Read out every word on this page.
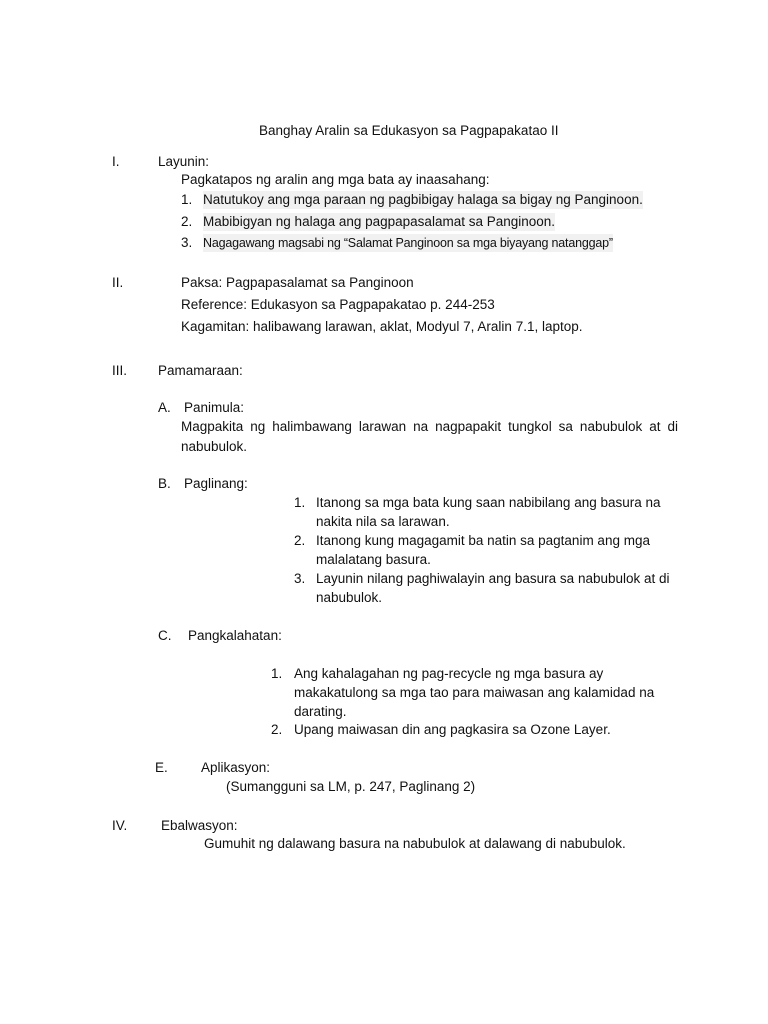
Banghay Aralin sa Edukasyon sa Pagpapakatao II
I.	Layunin:
Pagkatapos ng aralin ang mga bata ay inaasahang:
1. Natutukoy ang mga paraan ng pagbibigay halaga sa bigay ng Panginoon.
2. Mabibigyan ng halaga ang pagpapasalamat sa Panginoon.
3. Nagagawang magsabi ng “Salamat Panginoon sa mga biyayang natanggap”
II.	Paksa: Pagpapasalamat sa Panginoon
Reference: Edukasyon sa Pagpapakatao p. 244-253
Kagamitan: halibawang larawan, aklat, Modyul 7, Aralin 7.1, laptop.
III. Pamamaraan:
A. Panimula:
Magpakita ng halimbawang larawan na nagpapakit tungkol sa nabubulok at di
nabubulok.
B. Paglinang:
1. Itanong sa mga bata kung saan nabibilang ang basura na
nakita nila sa larawan.
2. Itanong kung magagamit ba natin sa pagtanim ang mga
malalatang basura.
3. Layunin nilang paghiwalayin ang basura sa nabubulok at di
nabubulok.
C. Pangkalahatan:
1. Ang kahalagahan ng pag-recycle ng mga basura ay
makakatulong sa mga tao para maiwasan ang kalamidad na
darating.
2. Upang maiwasan din ang pagkasira sa Ozone Layer.
E. Aplikasyon:
(Sumangguni sa LM, p. 247, Paglinang 2)
IV. Ebalwasyon:
Gumuhit ng dalawang basura na nabubulok at dalawang di nabubulok.
